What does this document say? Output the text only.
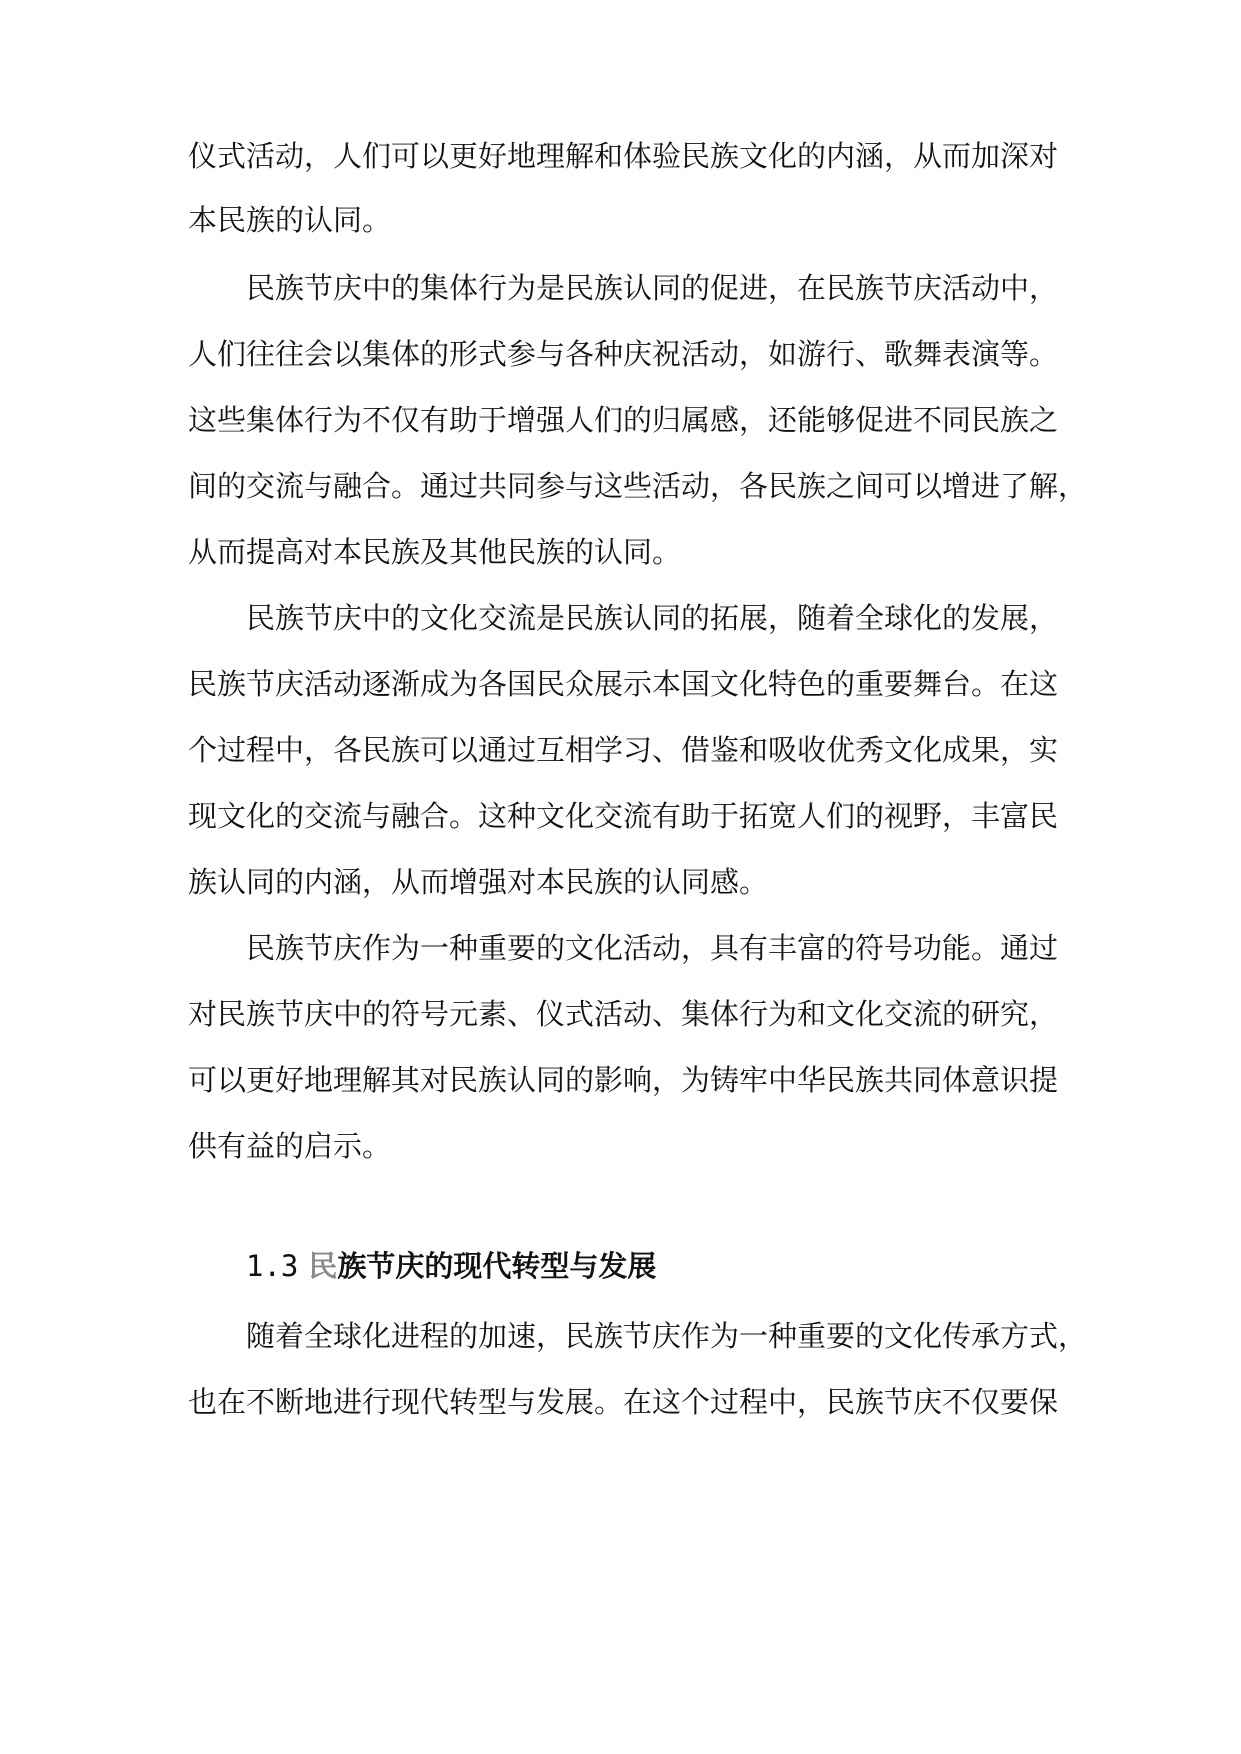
仪式活动，人们可以更好地理解和体验民族文化的内涵，从而加深对
本民族的认同。
民族节庆中的集体行为是民族认同的促进，在民族节庆活动中，
人们往往会以集体的形式参与各种庆祝活动，如游行、歌舞表演等。
这些集体行为不仅有助于增强人们的归属感，还能够促进不同民族之
间的交流与融合。通过共同参与这些活动，各民族之间可以增进了解，
从而提高对本民族及其他民族的认同。
民族节庆中的文化交流是民族认同的拓展，随着全球化的发展，
民族节庆活动逐渐成为各国民众展示本国文化特色的重要舞台。在这
个过程中，各民族可以通过互相学习、借鉴和吸收优秀文化成果，实
现文化的交流与融合。这种文化交流有助于拓宽人们的视野，丰富民
族认同的内涵，从而增强对本民族的认同感。
民族节庆作为一种重要的文化活动，具有丰富的符号功能。通过
对民族节庆中的符号元素、仪式活动、集体行为和文化交流的研究，
可以更好地理解其对民族认同的影响，为铸牢中华民族共同体意识提
供有益的启示。
1.3 民族节庆的现代转型与发展
随着全球化进程的加速，民族节庆作为一种重要的文化传承方式，
也在不断地进行现代转型与发展。在这个过程中，民族节庆不仅要保
